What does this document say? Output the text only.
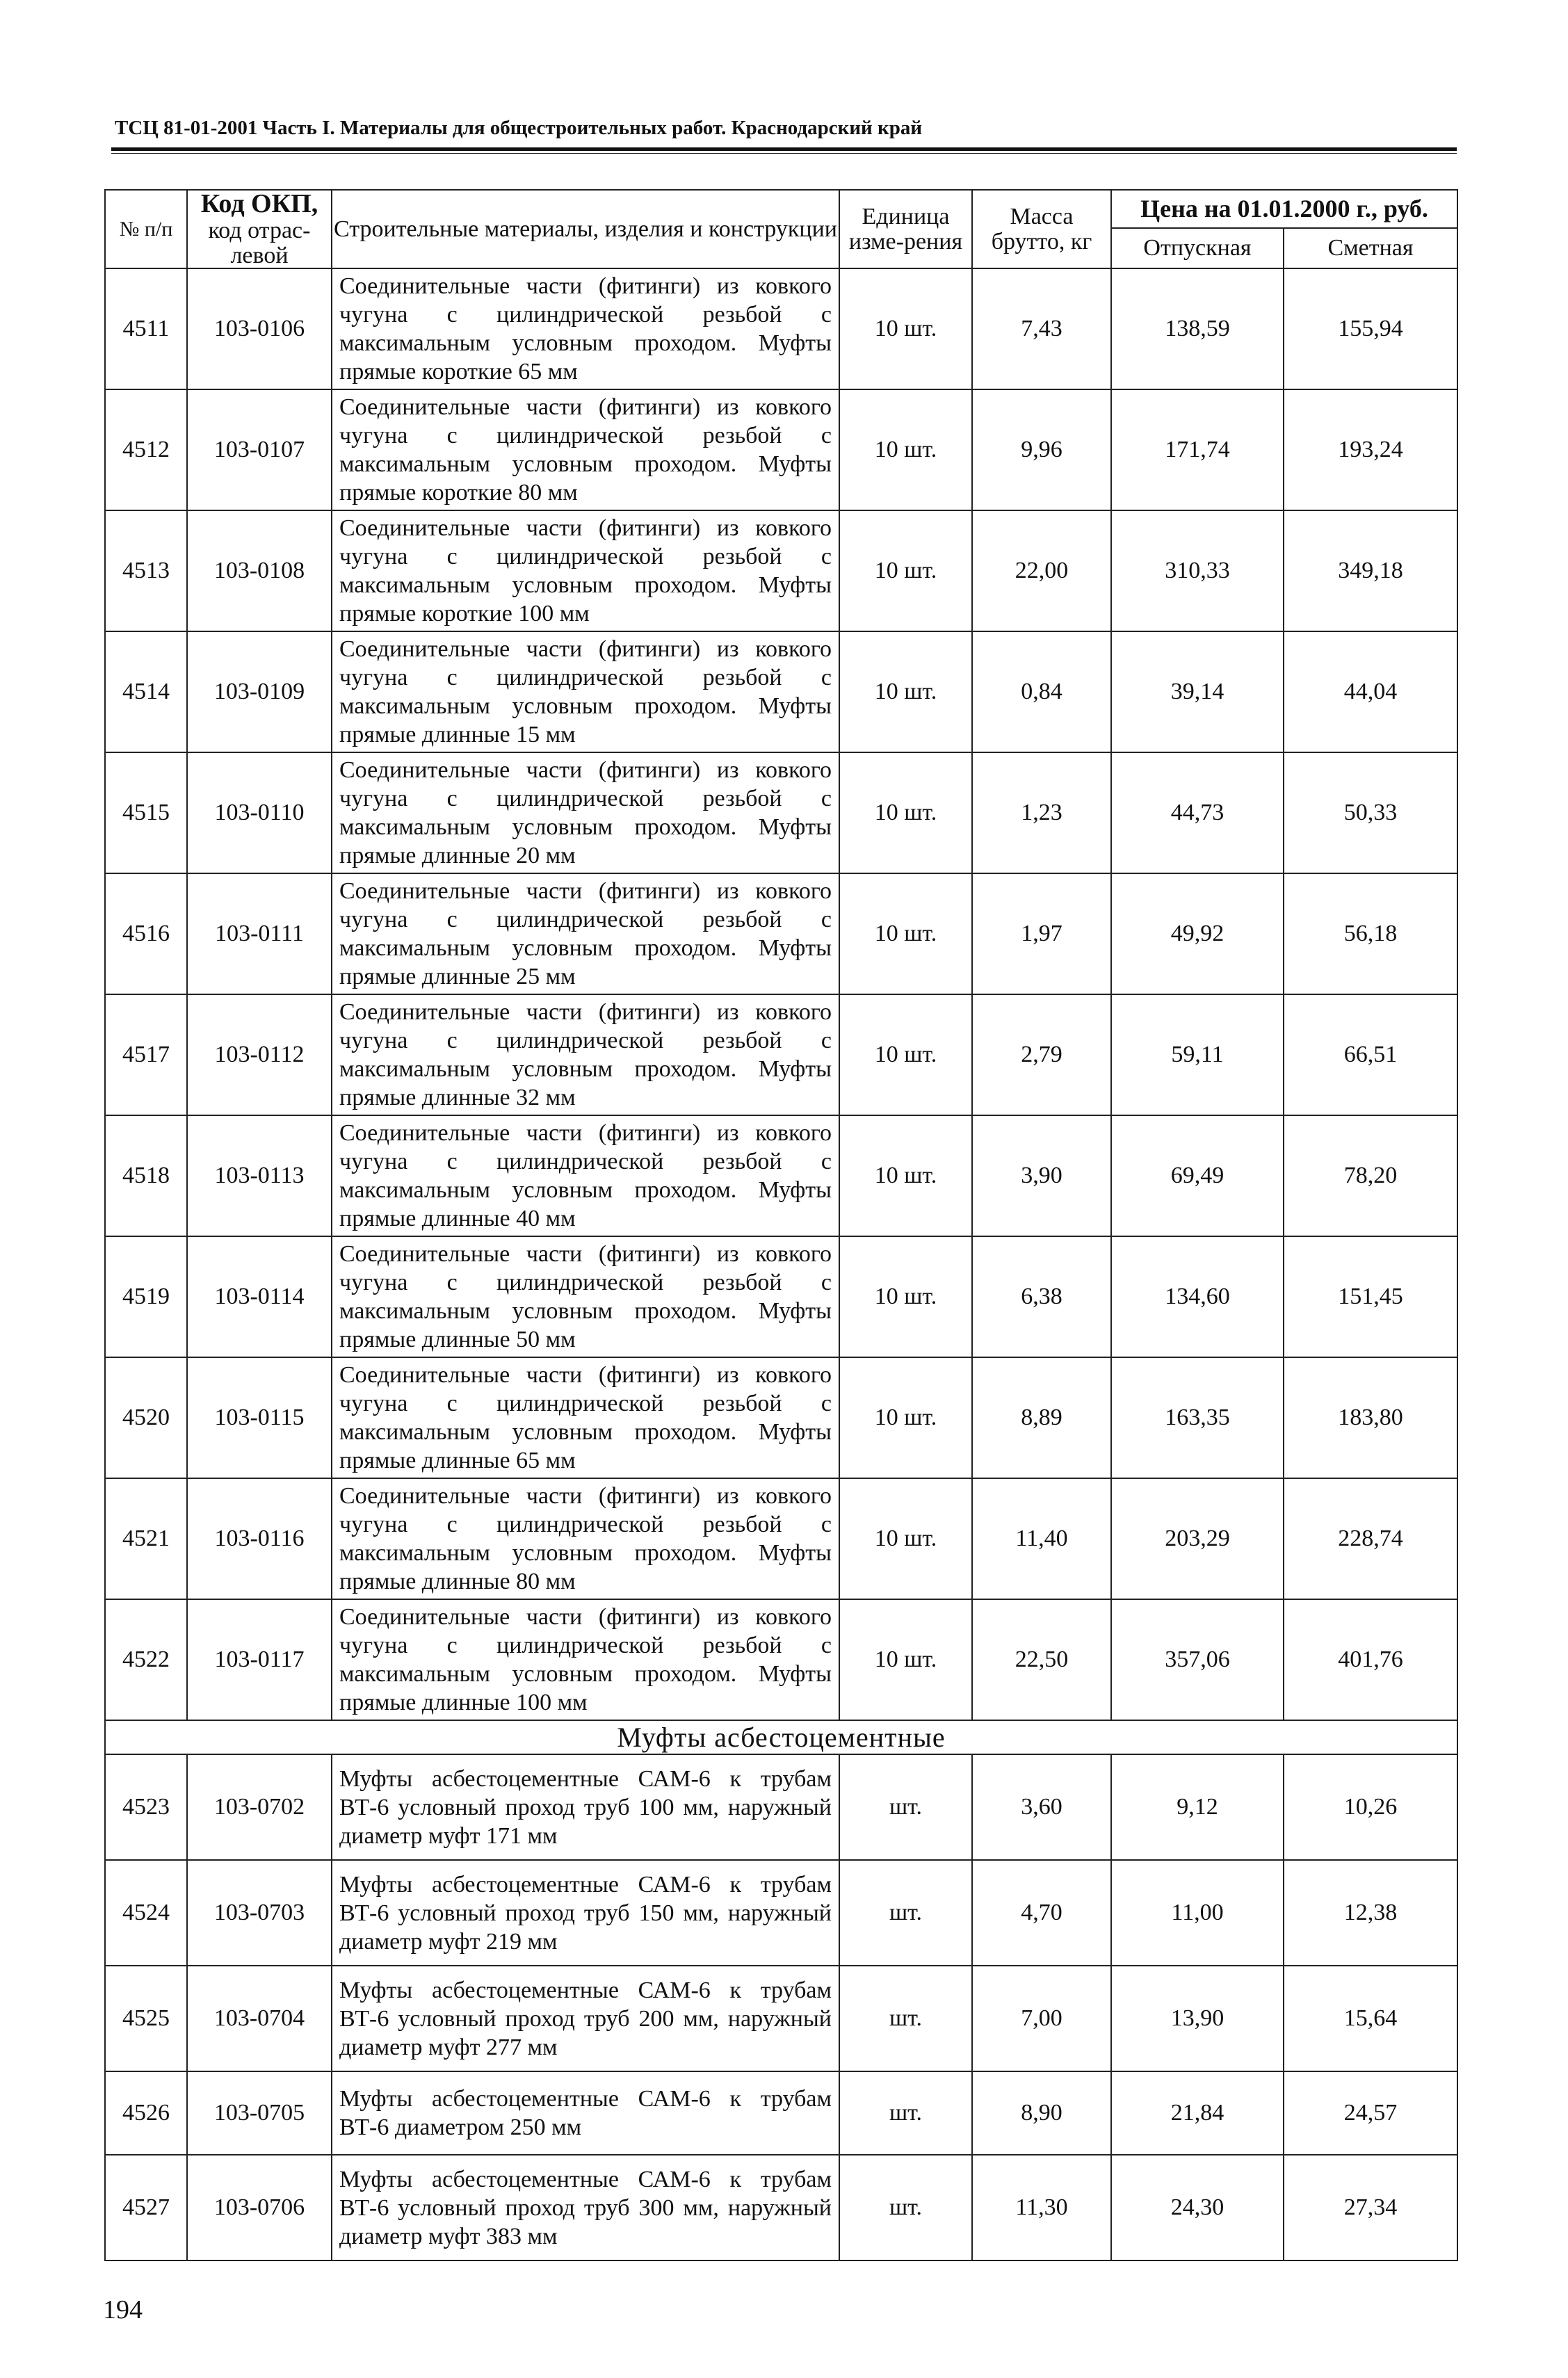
ТСЦ 81-01-2001 Часть I. Материалы для общестроительных работ. Краснодарский край
№ п/п	Код ОКП,
код отрас-
левой	Строительные материалы, изделия и конструкции	Единица изме-рения	Масса брутто, кг	Цена на 01.01.2000 г., руб.	
					Отпускная	Сметная
4511	103-0106	Соединительные части (фитинги) из ковкого чугуна с цилиндрической резьбой с максимальным условным проходом. Муфты прямые короткие 65 мм	10 шт.	7,43	138,59	155,94
4512	103-0107	Соединительные части (фитинги) из ковкого чугуна с цилиндрической резьбой с максимальным условным проходом. Муфты прямые короткие 80 мм	10 шт.	9,96	171,74	193,24
4513	103-0108	Соединительные части (фитинги) из ковкого чугуна с цилиндрической резьбой с максимальным условным проходом. Муфты прямые короткие 100 мм	10 шт.	22,00	310,33	349,18
4514	103-0109	Соединительные части (фитинги) из ковкого чугуна с цилиндрической резьбой с максимальным условным проходом. Муфты прямые длинные 15 мм	10 шт.	0,84	39,14	44,04
4515	103-0110	Соединительные части (фитинги) из ковкого чугуна с цилиндрической резьбой с максимальным условным проходом. Муфты прямые длинные 20 мм	10 шт.	1,23	44,73	50,33
4516	103-0111	Соединительные части (фитинги) из ковкого чугуна с цилиндрической резьбой с максимальным условным проходом. Муфты прямые длинные 25 мм	10 шт.	1,97	49,92	56,18
4517	103-0112	Соединительные части (фитинги) из ковкого чугуна с цилиндрической резьбой с максимальным условным проходом. Муфты прямые длинные 32 мм	10 шт.	2,79	59,11	66,51
4518	103-0113	Соединительные части (фитинги) из ковкого чугуна с цилиндрической резьбой с максимальным условным проходом. Муфты прямые длинные 40 мм	10 шт.	3,90	69,49	78,20
4519	103-0114	Соединительные части (фитинги) из ковкого чугуна с цилиндрической резьбой с максимальным условным проходом. Муфты прямые длинные 50 мм	10 шт.	6,38	134,60	151,45
4520	103-0115	Соединительные части (фитинги) из ковкого чугуна с цилиндрической резьбой с максимальным условным проходом. Муфты прямые длинные 65 мм	10 шт.	8,89	163,35	183,80
4521	103-0116	Соединительные части (фитинги) из ковкого чугуна с цилиндрической резьбой с максимальным условным проходом. Муфты прямые длинные 80 мм	10 шт.	11,40	203,29	228,74
4522	103-0117	Соединительные части (фитинги) из ковкого чугуна с цилиндрической резьбой с максимальным условным проходом. Муфты прямые длинные 100 мм	10 шт.	22,50	357,06	401,76
Муфты асбестоцементные						
4523	103-0702	Муфты асбестоцементные САМ-6 к трубам ВТ-6 условный проход труб 100 мм, наружный диаметр муфт 171 мм	шт.	3,60	9,12	10,26
4524	103-0703	Муфты асбестоцементные САМ-6 к трубам ВТ-6 условный проход труб 150 мм, наружный диаметр муфт 219 мм	шт.	4,70	11,00	12,38
4525	103-0704	Муфты асбестоцементные САМ-6 к трубам ВТ-6 условный проход труб 200 мм, наружный диаметр муфт 277 мм	шт.	7,00	13,90	15,64
4526	103-0705	Муфты асбестоцементные САМ-6 к трубам ВТ-6 диаметром 250 мм	шт.	8,90	21,84	24,57
4527	103-0706	Муфты асбестоцементные САМ-6 к трубам ВТ-6 условный проход труб 300 мм, наружный диаметр муфт 383 мм	шт.	11,30	24,30	27,34
194
